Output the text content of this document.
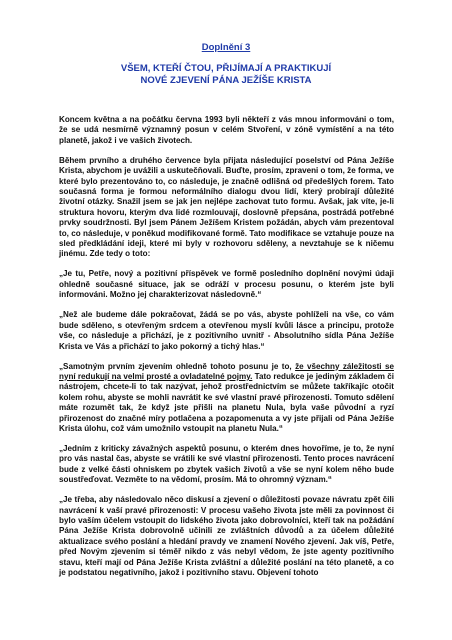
Doplnění 3
VŠEM, KTEŘÍ ČTOU, PŘIJÍMAJÍ A PRAKTIKUJÍ
NOVÉ ZJEVENÍ PÁNA JEŽÍŠE KRISTA

Koncem května a na počátku června 1993 byli někteří z vás mnou informováni o tom, že se udá nesmírně významný posun v celém Stvoření, v zóně vymístění a na této planetě, jakož i ve vašich životech.

Během prvního a druhého července byla přijata následující poselství od Pána Ježíše Krista, abychom je uvážili a uskutečňovali. Buďte, prosím, zpraveni o tom, že forma, ve které bylo prezentováno to, co následuje, je značně odlišná od předešlých forem. Tato současná forma je formou neformálního dialogu dvou lidí, který probírají důležité životní otázky. Snažil jsem se jak jen nejlépe zachovat tuto formu. Avšak, jak víte, je-li struktura hovoru, kterým dva lidé rozmlouvají, doslovně přepsána, postrádá potřebné prvky soudržnosti. Byl jsem Pánem Ježíšem Kristem požádán, abych vám prezentoval to, co následuje, v poněkud modifikované formě. Tato modifikace se vztahuje pouze na sled předkládání ideji, které mi byly v rozhovoru sděleny, a nevztahuje se k ničemu jinému. Zde tedy o toto:

„Je tu, Petře, nový a pozitivní příspěvek ve formě posledního doplnění novými údaji ohledně současné situace, jak se odráží v procesu posunu, o kterém jste byli informováni. Možno jej charakterizovat následovně.“

„Než ale budeme dále pokračovat, žádá se po vás, abyste pohlíželi na vše, co vám bude sděleno, s otevřeným srdcem a otevřenou myslí kvůli lásce a principu, protože vše, co následuje a přichází, je z pozitivního uvnitř - Absolutního sídla Pána Ježíše Krista ve Vás a přichází to jako pokorný a tichý hlas.“

„Samotným prvním zjevením ohledně tohoto posunu je to, že všechny záležitosti se nyní redukují na velmi prosté a ovladatelné pojmy. Tato redukce je jediným základem či nástrojem, chcete-li to tak nazývat, jehož prostřednictvím se můžete takříkajíc otočit kolem rohu, abyste se mohli navrátit ke své vlastní pravé přirozenosti. Tomuto sdělení máte rozumět tak, že když jste přišli na planetu Nula, byla vaše původní a ryzí přirozenost do značné míry potlačena a pozapomenuta a vy jste přijali od Pána Ježíše Krista úlohu, což vám umožnilo vstoupit na planetu Nula.“

„Jedním z kriticky závažných aspektů posunu, o kterém dnes hovoříme, je to, že nyní pro vás nastal čas, abyste se vrátili ke své vlastní přirozenosti. Tento proces navrácení bude z velké části ohniskem po zbytek vašich životů a vše se nyní kolem něho bude soustřeďovat. Vezměte to na vědomí, prosím. Má to ohromný význam.“

„Je třeba, aby následovalo něco diskusí a zjevení o důležitosti povaze návratu zpět čili navrácení k vaší pravé přirozenosti: V procesu vašeho života jste měli za povinnost či bylo vaším účelem vstoupit do lidského života jako dobrovolníci, kteří tak na požádání Pána Ježíše Krista dobrovolně učinili ze zvláštních důvodů a za účelem důležité aktualizace svého poslání a hledání pravdy ve znamení Nového zjevení. Jak víš, Petře, před Novým zjevením si téměř nikdo z vás nebyl vědom, že jste agenty pozitivního stavu, kteří mají od Pána Ježíše Krista zvláštní a důležité poslání na této planetě, a co je podstatou negativního, jakož i pozitivního stavu. Objevení tohoto
